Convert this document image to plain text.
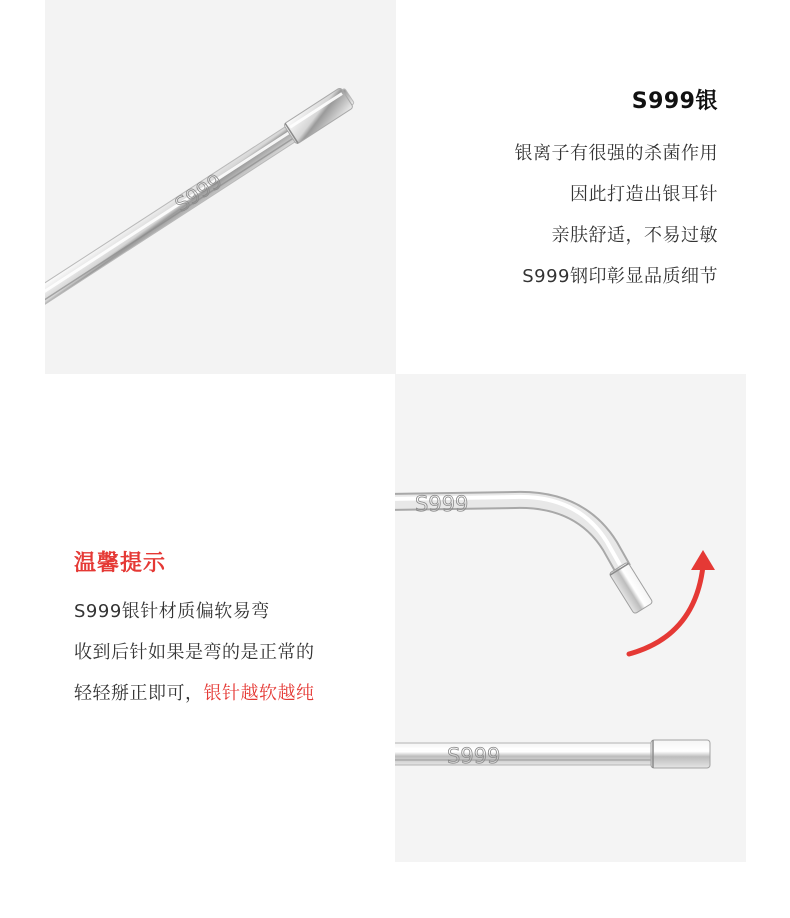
S999
S999银
银离子有很强的杀菌作用
因此打造出银耳针
亲肤舒适，不易过敏
S999钢印彰显品质细节
温馨提示
S999银针材质偏软易弯
收到后针如果是弯的是正常的
轻轻掰正即可，银针越软越纯
S999
S999
